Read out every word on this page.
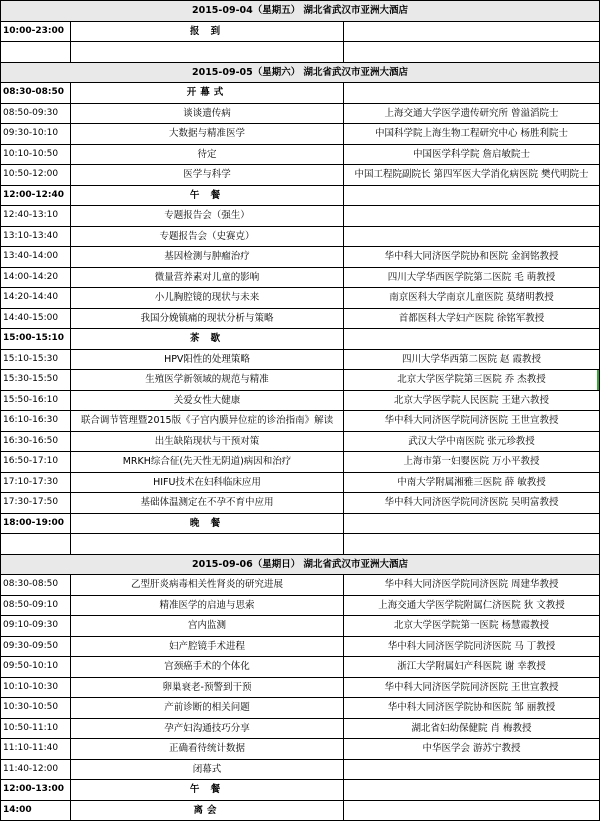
2015-09-04（星期五） 湖北省武汉市亚洲大酒店		
10:00-23:00	报 到	

2015-09-05（星期六） 湖北省武汉市亚洲大酒店		
08:30-08:50	开幕式	
08:50-09:30	谈谈遗传病	上海交通大学医学遗传研究所 曾溢滔院士
09:30-10:10	大数据与精准医学	中国科学院上海生物工程研究中心 杨胜利院士
10:10-10:50	待定	中国医学科学院 詹启敏院士
10:50-12:00	医学与科学	中国工程院副院长 第四军医大学消化病医院 樊代明院士
12:00-12:40	午 餐	
12:40-13:10	专题报告会（强生）	
13:10-13:40	专题报告会（史赛克）	
13:40-14:00	基因检测与肿瘤治疗	华中科大同济医学院协和医院 金润铭教授
14:00-14:20	微量营养素对儿童的影响	四川大学华西医学院第二医院 毛 萌教授
14:20-14:40	小儿胸腔镜的现状与未来	南京医科大学南京儿童医院 莫绪明教授
14:40-15:00	我国分娩镇痛的现状分析与策略	首都医科大学妇产医院 徐铭军教授
15:00-15:10	茶 歇	
15:10-15:30	HPV阳性的处理策略	四川大学华西第二医院 赵 霞教授
15:30-15:50	生殖医学新领域的规范与精准	北京大学医学院第三医院 乔 杰教授
15:50-16:10	关爱女性大健康	北京大学医学院人民医院 王建六教授
16:10-16:30	联合调节管理暨2015版《子宫内膜异位症的诊治指南》解读	华中科大同济医学院同济医院 王世宣教授
16:30-16:50	出生缺陷现状与干预对策	武汉大学中南医院 张元珍教授
16:50-17:10	MRKH综合征(先天性无阴道)病因和治疗	上海市第一妇婴医院 万小平教授
17:10-17:30	HIFU技术在妇科临床应用	中南大学附属湘雅三医院 薛 敏教授
17:30-17:50	基础体温测定在不孕不育中应用	华中科大同济医学院同济医院 吴明富教授
18:00-19:00	晚 餐	

2015-09-06（星期日） 湖北省武汉市亚洲大酒店		
08:30-08:50	乙型肝炎病毒相关性肾炎的研究进展	华中科大同济医学院同济医院 周建华教授
08:50-09:10	精准医学的启迪与思索	上海交通大学医学院附属仁济医院 狄 文教授
09:10-09:30	宫内监测	北京大学医学院第一医院 杨慧霞教授
09:30-09:50	妇产腔镜手术进程	华中科大同济医学院同济医院 马 丁教授
09:50-10:10	宫颈癌手术的个体化	浙江大学附属妇产科医院 谢 幸教授
10:10-10:30	卵巢衰老-预警到干预	华中科大同济医学院同济医院 王世宣教授
10:30-10:50	产前诊断的相关问题	华中科大同济医学院协和医院 邹 丽教授
10:50-11:10	孕产妇沟通技巧分享	湖北省妇幼保健院 肖 梅教授
11:10-11:40	正确看待统计数据	中华医学会 游苏宁教授
11:40-12:00	闭幕式	
12:00-13:00	午 餐	
14:00	离会	
